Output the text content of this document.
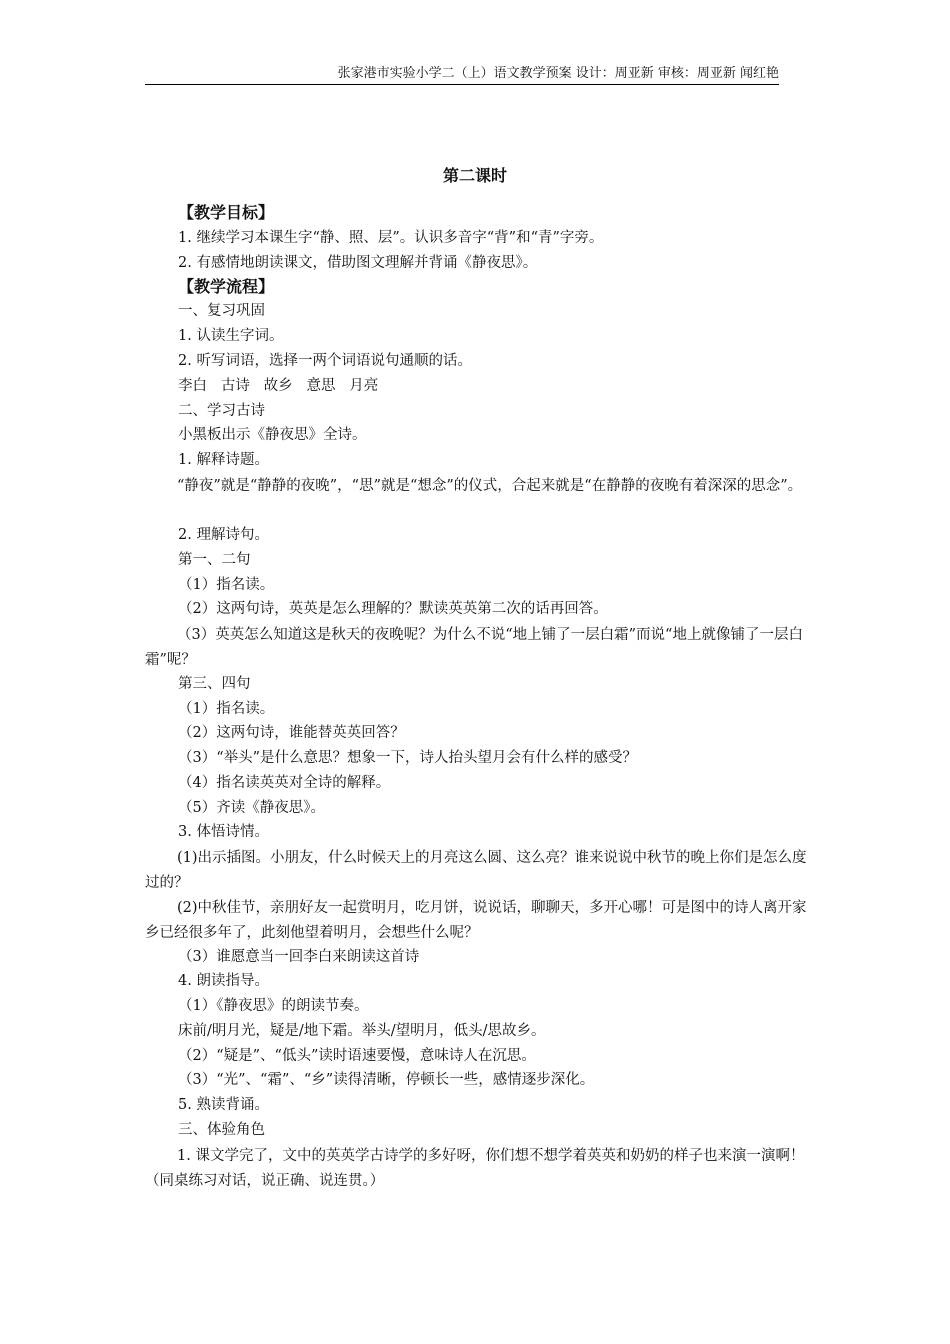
张家港市实验小学二（上）语文教学预案 设计：周亚新 审核：周亚新 闻红艳
第二课时
【教学目标】
1. 继续学习本课生字“静、照、层”。认识多音字“背”和“青”字旁。
2. 有感情地朗读课文，借助图文理解并背诵《静夜思》。
【教学流程】
一、复习巩固
1. 认读生字词。
2. 听写词语，选择一两个词语说句通顺的话。
李白   古诗   故乡   意思   月亮
二、学习古诗
小黑板出示《静夜思》全诗。
1. 解释诗题。
“静夜”就是“静静的夜晚”，“思”就是“想念”的仪式，合起来就是“在静静的夜晚有着深深的思念”。
2. 理解诗句。
第一、二句
（1）指名读。
（2）这两句诗，英英是怎么理解的？默读英英第二次的话再回答。
（3）英英怎么知道这是秋天的夜晚呢？为什么不说“地上铺了一层白霜”而说“地上就像铺了一层白霜”呢？
第三、四句
（1）指名读。
（2）这两句诗，谁能替英英回答？
（3）“举头”是什么意思？想象一下，诗人抬头望月会有什么样的感受？
（4）指名读英英对全诗的解释。
（5）齐读《静夜思》。
3. 体悟诗情。
(1)出示插图。小朋友，什么时候天上的月亮这么圆、这么亮？谁来说说中秋节的晚上你们是怎么度过的？
(2)中秋佳节，亲朋好友一起赏明月，吃月饼，说说话，聊聊天，多开心哪！可是图中的诗人离开家乡已经很多年了，此刻他望着明月，会想些什么呢？
（3）谁愿意当一回李白来朗读这首诗
4. 朗读指导。
（1）《静夜思》的朗读节奏。
床前/明月光，疑是/地下霜。举头/望明月，低头/思故乡。
（2）“疑是”、“低头”读时语速要慢，意味诗人在沉思。
（3）“光”、“霜”、“乡”读得清晰，停顿长一些，感情逐步深化。
5. 熟读背诵。
三、体验角色
1. 课文学完了，文中的英英学古诗学的多好呀，你们想不想学着英英和奶奶的样子也来演一演啊！（同桌练习对话，说正确、说连贯。）
